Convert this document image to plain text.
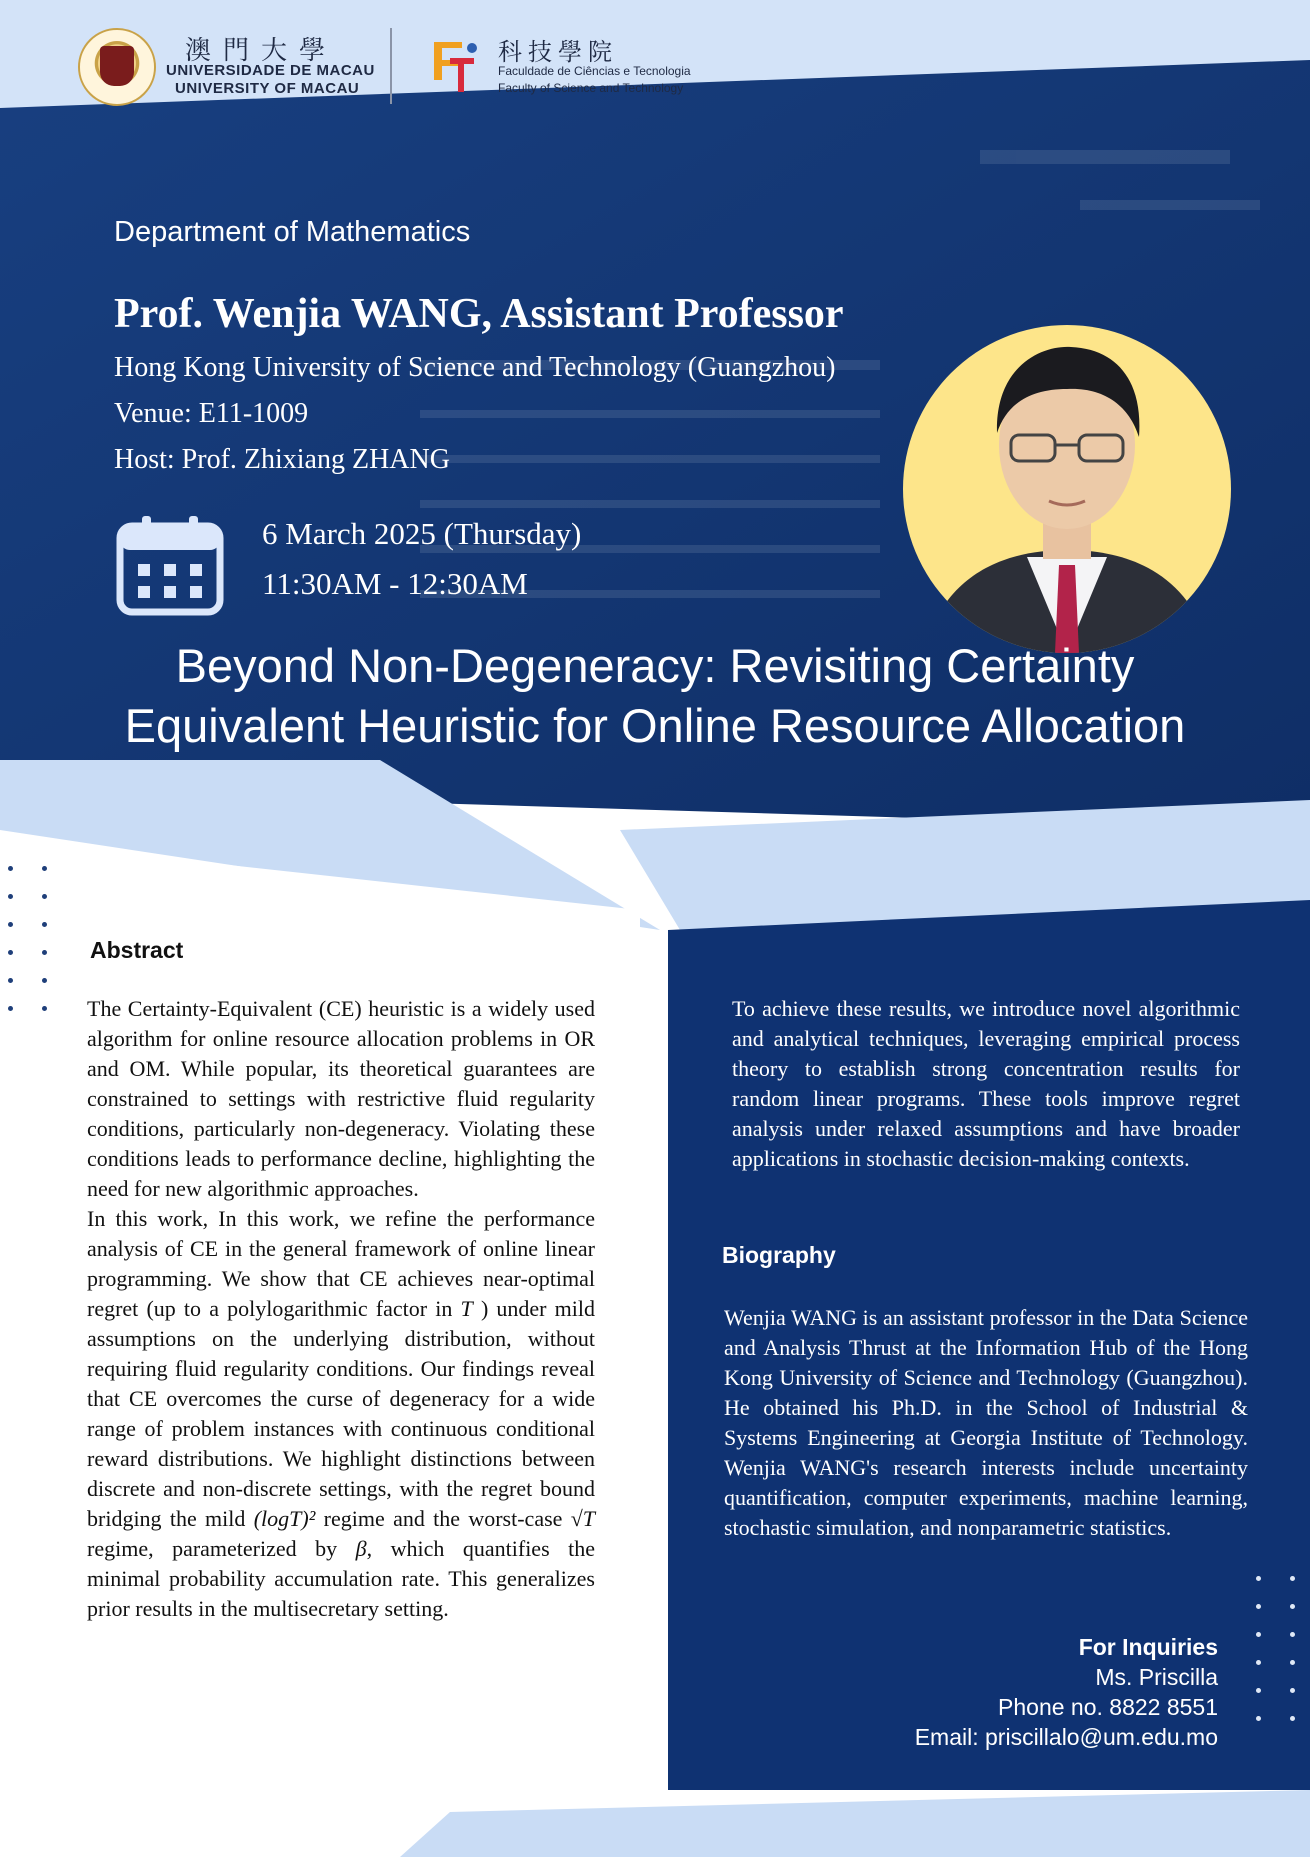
澳門大學
UNIVERSIDADE DE MACAU
UNIVERSITY OF MACAU
科技學院
Faculdade de Ciências e Tecnologia
Faculty of Science and Technology
Department of Mathematics
Prof. Wenjia WANG, Assistant Professor
Hong Kong University of Science and Technology (Guangzhou)
Venue: E11-1009
Host: Prof. Zhixiang ZHANG
6 March 2025 (Thursday)
11:30AM - 12:30AM
Beyond Non-Degeneracy: Revisiting Certainty Equivalent Heuristic for Online Resource Allocation
Abstract

The Certainty-Equivalent (CE) heuristic is a widely used algorithm for online resource allocation problems in OR and OM. While popular, its theoretical guarantees are constrained to settings with restrictive fluid regularity conditions, particularly non-degeneracy. Violating these conditions leads to performance decline, highlighting the need for new algorithmic approaches.

In this work, In this work, we refine the performance analysis of CE in the general framework of online linear programming. We show that CE achieves near-optimal regret (up to a polylogarithmic factor in T ) under mild assumptions on the underlying distribution, without requiring fluid regularity conditions. Our findings reveal that CE overcomes the curse of degeneracy for a wide range of problem instances with continuous conditional reward distributions. We highlight distinctions between discrete and non-discrete settings, with the regret bound bridging the mild (logT)² regime and the worst-case √T regime, parameterized by β, which quantifies the minimal probability accumulation rate. This generalizes prior results in the multisecretary setting.

To achieve these results, we introduce novel algorithmic and analytical techniques, leveraging empirical process theory to establish strong concentration results for random linear programs. These tools improve regret analysis under relaxed assumptions and have broader applications in stochastic decision-making contexts.

Biography

Wenjia WANG is an assistant professor in the Data Science and Analysis Thrust at the Information Hub of the Hong Kong University of Science and Technology (Guangzhou). He obtained his Ph.D. in the School of Industrial & Systems Engineering at Georgia Institute of Technology. Wenjia WANG's research interests include uncertainty quantification, computer experiments, machine learning, stochastic simulation, and nonparametric statistics.

For Inquiries
Ms. Priscilla
Phone no. 8822 8551
Email: priscillalo@um.edu.mo
